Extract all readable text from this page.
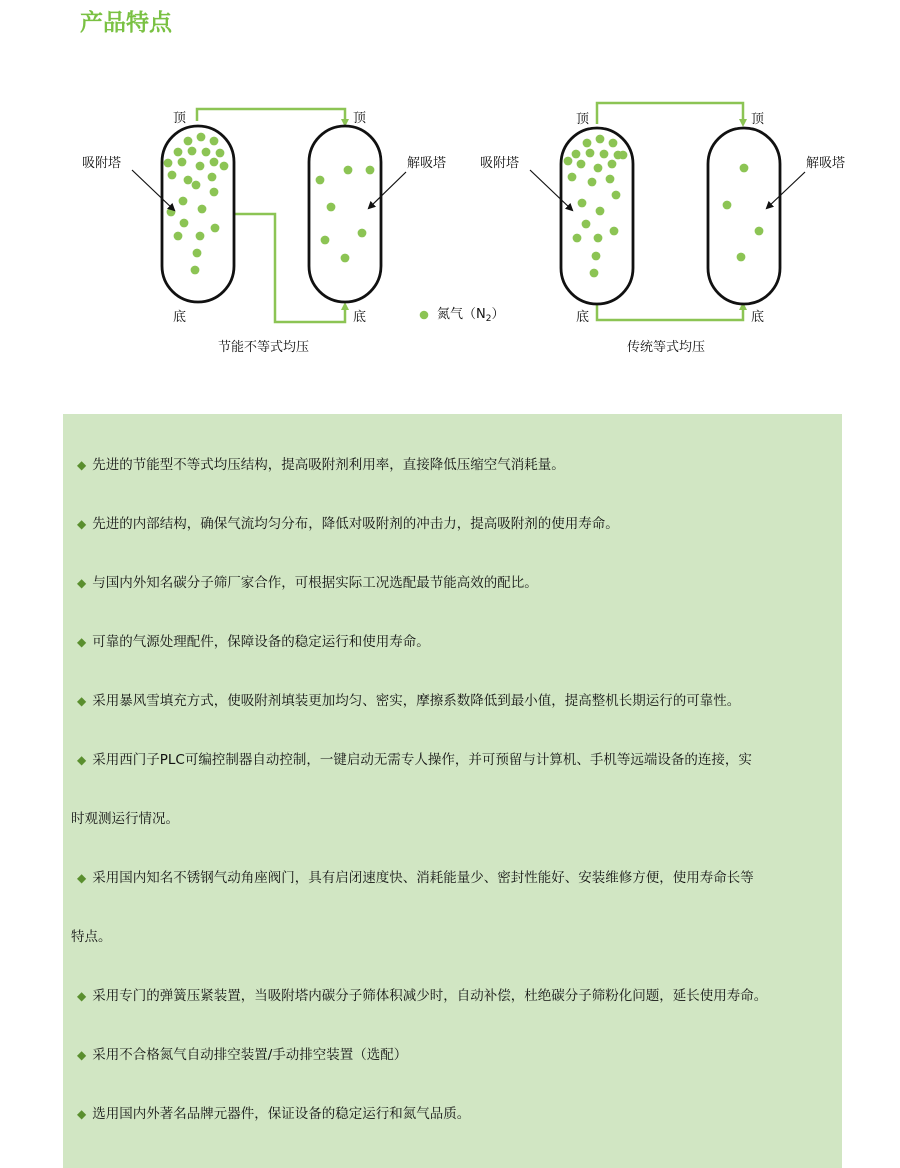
产品特点
顶	顶
底	底
吸附塔	解吸塔
节能不等式均压
氮气$(N_2)$
顶	顶
底	底
吸附塔	解吸塔
传统等式均压
◆ 先进的节能型不等式均压结构，提高吸附剂利用率，直接降低压缩空气消耗量。
◆ 先进的内部结构，确保气流均匀分布，降低对吸附剂的冲击力，提高吸附剂的使用寿命。
◆ 与国内外知名碳分子筛厂家合作，可根据实际工况选配最节能高效的配比。
◆ 可靠的气源处理配件，保障设备的稳定运行和使用寿命。
◆ 采用暴风雪填充方式，使吸附剂填装更加均匀、密实，摩擦系数降低到最小值，提高整机长期运行的可靠性。
◆ 采用西门子PLC可编控制器自动控制，一键启动无需专人操作，并可预留与计算机、手机等远端设备的连接，实
时观测运行情况。
◆ 采用国内知名不锈钢气动角座阀门，具有启闭速度快、消耗能量少、密封性能好、安装维修方便，使用寿命长等
特点。
◆ 采用专门的弹簧压紧装置，当吸附塔内碳分子筛体积减少时，自动补偿，杜绝碳分子筛粉化问题，延长使用寿命。
◆ 采用不合格氮气自动排空装置/手动排空装置（选配）
◆ 选用国内外著名品牌元器件，保证设备的稳定运行和氮气品质。
